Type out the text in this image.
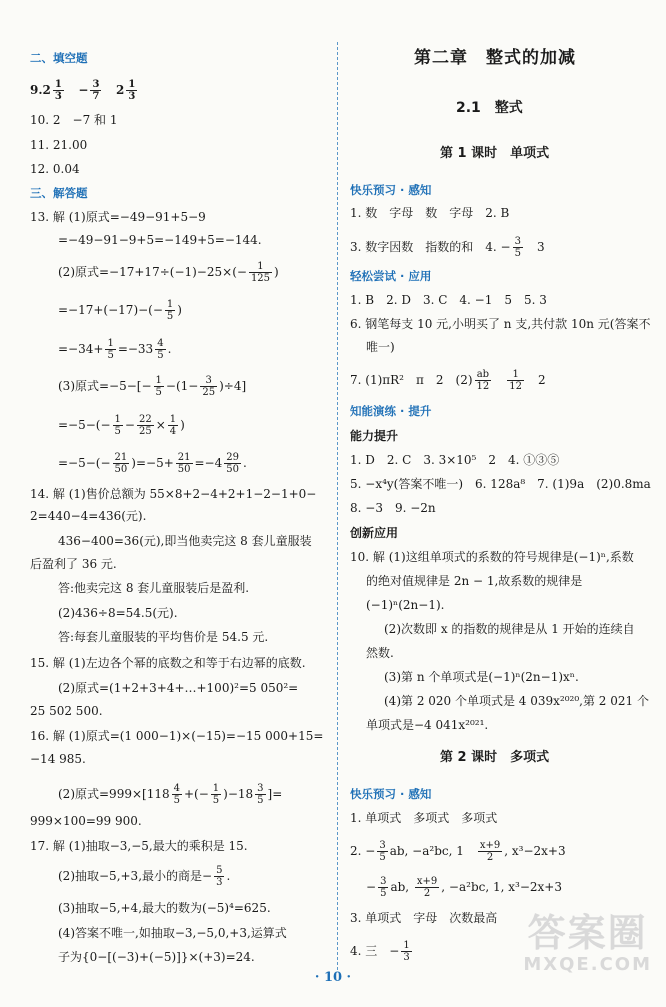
二、填空题
$9.2 \frac{1}{3} - \frac{3}{7} 2 \frac{1}{3}$
10. 2　−7 和 1
11. 21.00
12. 0.04
三、解答题
13. 解 (1)原式=−49−91+5−9
=−49−91−9+5=−149+5=−144.
(2)原式$=-17+17\div(-1)-25\times(- \frac{1}{125}$ )
$=-17+(-17)-(- \frac{1}{5}$ )
$=-34+ \frac{1}{5} =-33 \frac{4}{5}$ .
(3)原式$=-5-[- \frac{1}{5} -(1- \frac{3}{25} )\div 4]$
$=-5-(- \frac{1}{5} - \frac{22}{25} \times \frac{1}{4}$ )
$=-5-(- \frac{21}{50} )=-5+ \frac{21}{50} =-4 \frac{29}{50}$ .
14. 解 (1)售价总额为 55×8+2−4+2+1−2−1+0−
2=440−4=436(元).
436−400=36(元),即当他卖完这 8 套儿童服装
后盈利了 36 元.
答:他卖完这 8 套儿童服装后是盈利.
(2)436÷8=54.5(元).
答:每套儿童服装的平均售价是 54.5 元.
15. 解 (1)左边各个幂的底数之和等于右边幂的底数.
(2)原式=(1+2+3+4+…+100)²=5 050²=
25 502 500.
16. 解 (1)原式=(1 000−1)×(−15)=−15 000+15=
−14 985.
(2)原式$=999\times[118 \frac{4}{5}$ +(− $\frac{1}{5} )-18 \frac{3}{5}$ ]=
999×100=99 900.
17. 解 (1)抽取−3,−5,最大的乘积是 15.
(2)抽取−5,+3,最小的商是− $\frac{5}{3}$ .
(3)抽取−5,+4,最大的数为(−5)⁴=625.
(4)答案不唯一,如抽取−3,−5,0,+3,运算式
子为{0−[(−3)+(−5)]}×(+3)=24.
第二章　整式的加减
2.1　整式
第 1 课时　单项式
快乐预习 · 感知
1. 数　字母　数　字母　2. B
3. 数字因数　指数的和　4. − $\frac{3}{5}$ 　3
轻松尝试 · 应用
1. B　2. D　3. C　4. −1　5　5. 3
6. 钢笔每支 10 元,小明买了 n 支,共付款 10n 元(答案不
唯一)
7. (1)πR²　π　2　$(2) \frac{ab}{12}$
　 $\frac{1}{12}$ 　2
知能演练 · 提升
能力提升
1. D　2. C　3. 3×10⁵　2　4. ①③⑤
5. −x⁴y(答案不唯一)　6. 128a⁸　7. (1)9a　(2)0.8ma
8. −3　9. −2n
创新应用
10. 解 (1)这组单项式的系数的符号规律是(−1)ⁿ,系数
的绝对值规律是 2n − 1,故系数的规律是
(−1)ⁿ(2n−1).
(2)次数即 x 的指数的规律是从 1 开始的连续自
然数.
(3)第 n 个单项式是(−1)ⁿ(2n−1)xⁿ.
(4)第 2 020 个单项式是 4 039x²⁰²⁰,第 2 021 个
单项式是−4 041x²⁰²¹.
第 2 课时　多项式
快乐预习 · 感知
1. 单项式　多项式　多项式
2. − $\frac{3}{5}$ ab, −a²bc, 1　 $\frac{x+9}{2}$ , x³−2x+3
− $\frac{3}{5}$ ab, $\frac{x+9}{2}$ , −a²bc, 1, x³−2x+3
3. 单项式　字母　次数最高
4. 三　− $\frac{1}{3}$	答案圈
MXQE.COM
· 10 ·
